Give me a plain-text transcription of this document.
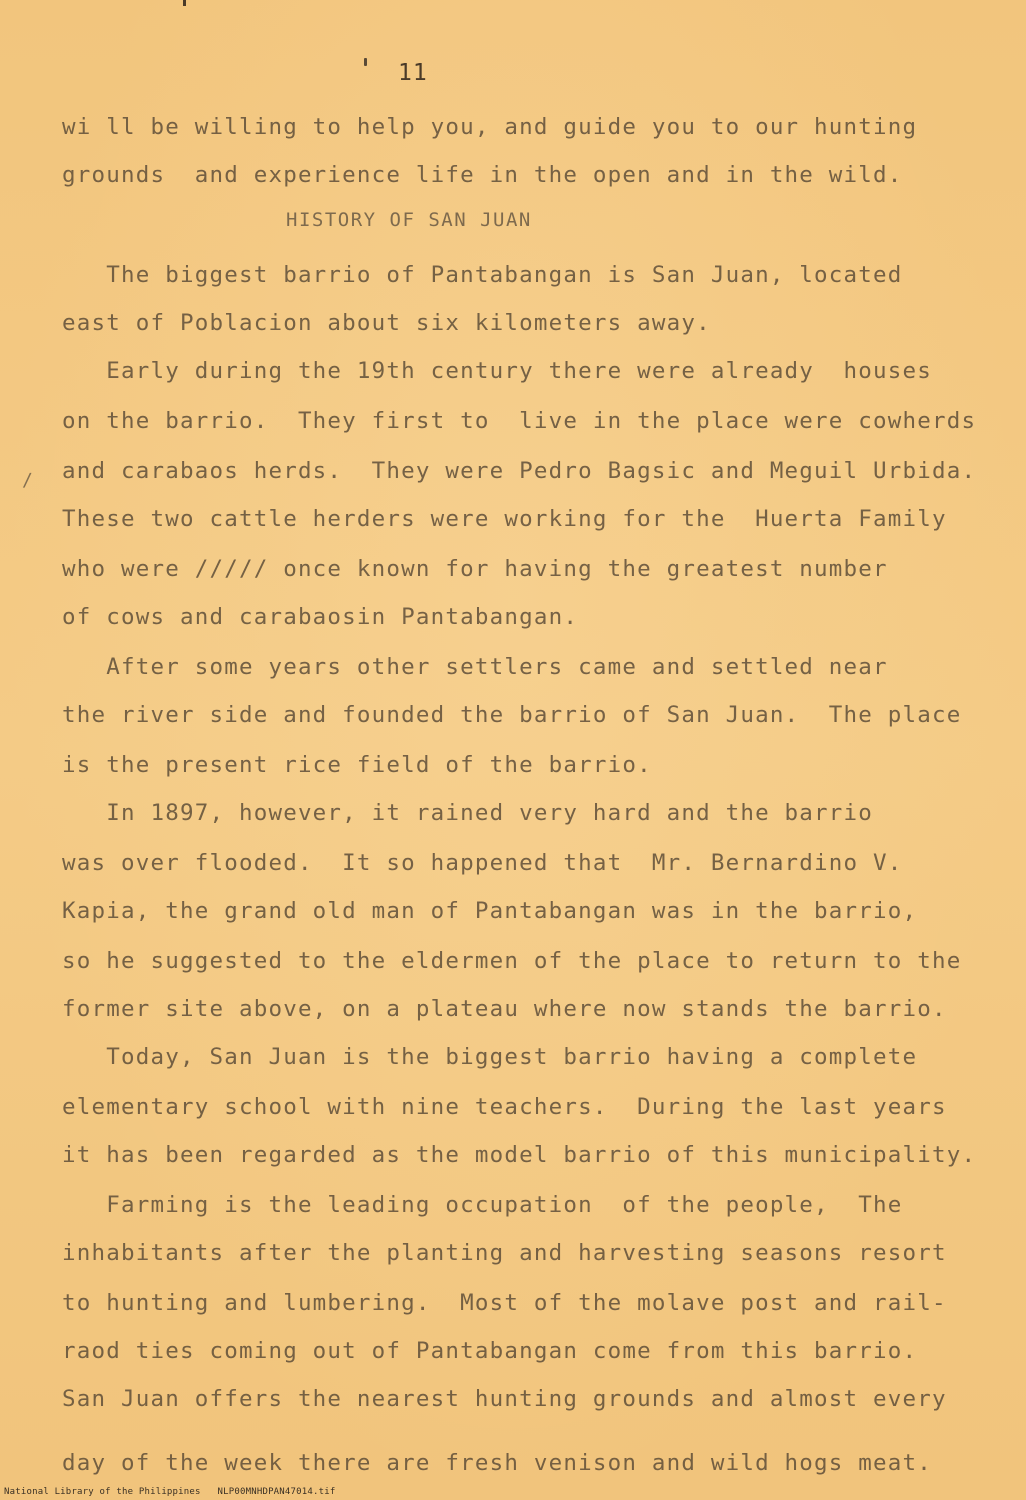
11
wi ll be willing to help you, and guide you to our hunting
grounds  and experience life in the open and in the wild.
HISTORY OF SAN JUAN
The biggest barrio of Pantabangan is San Juan, located
east of Poblacion about six kilometers away.
Early during the 19th century there were already  houses
on the barrio.  They first to  live in the place were cowherds
∕ and carabaos herds.  They were Pedro Bagsic and Meguil Urbida.
These two cattle herders were working for the  Huerta Family
who were ///// once known for having the greatest number
of cows and carabaosin Pantabangan.
After some years other settlers came and settled near
the river side and founded the barrio of San Juan.  The place
is the present rice field of the barrio.
In 1897, however, it rained very hard and the barrio
was over flooded.  It so happened that  Mr. Bernardino V.
Kapia, the grand old man of Pantabangan was in the barrio,
so he suggested to the eldermen of the place to return to the
former site above, on a plateau where now stands the barrio.
Today, San Juan is the biggest barrio having a complete
elementary school with nine teachers.  During the last years
it has been regarded as the model barrio of this municipality.
Farming is the leading occupation  of the people,  The
inhabitants after the planting and harvesting seasons resort
to hunting and lumbering.  Most of the molave post and rail-
raod ties coming out of Pantabangan come from this barrio.
San Juan offers the nearest hunting grounds and almost every
day of the week there are fresh venison and wild hogs meat.
National Library of the Philippines   NLP00MNHDPAN47014.tif
